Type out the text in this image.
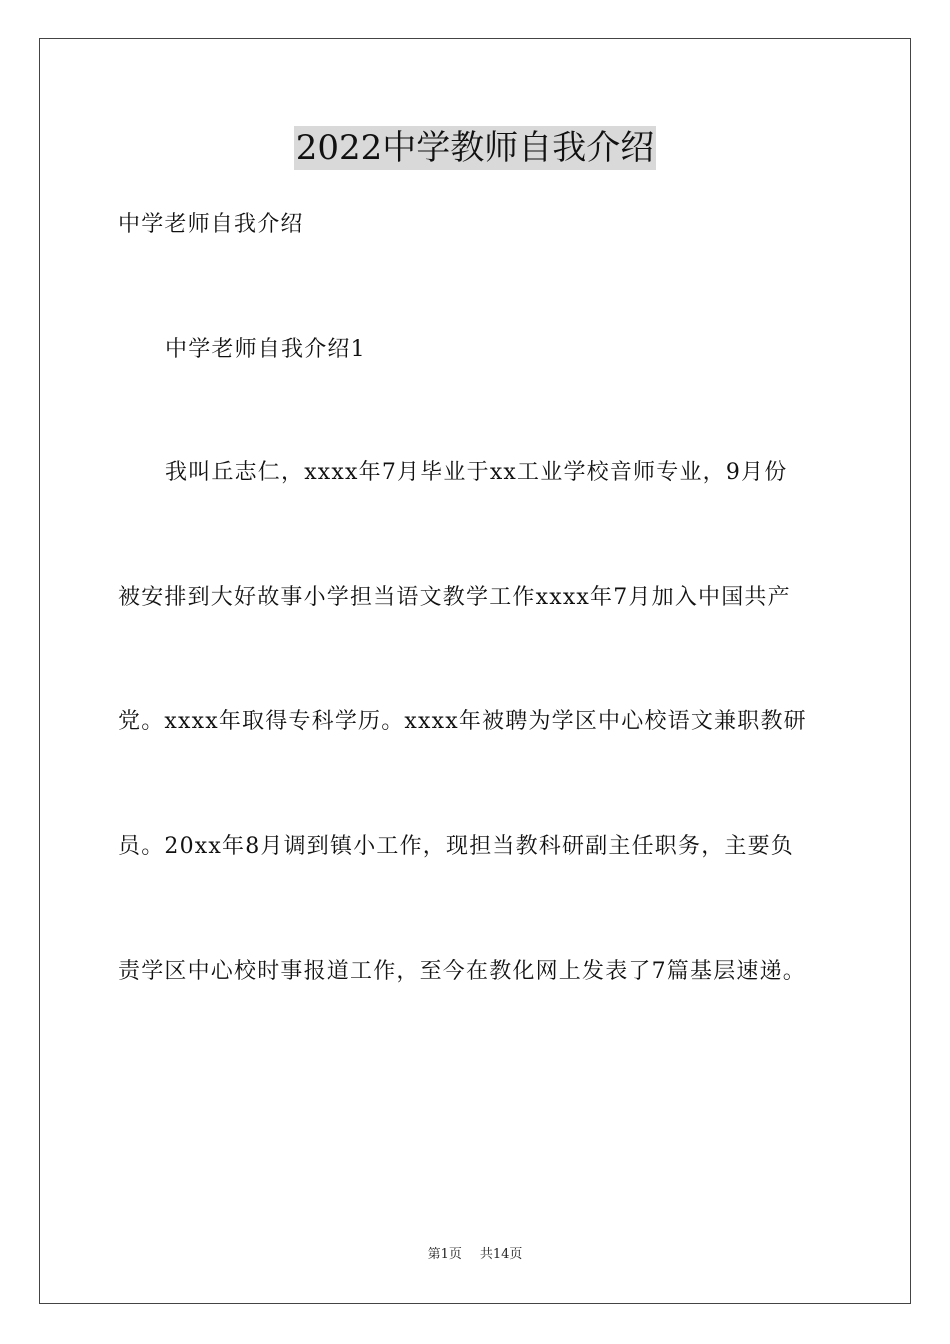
2022中学教师自我介绍
中学老师自我介绍
中学老师自我介绍1
我叫丘志仁，xxxx年7月毕业于xx工业学校音师专业，9月份
被安排到大好故事小学担当语文教学工作xxxx年7月加入中国共产
党。xxxx年取得专科学历。xxxx年被聘为学区中心校语文兼职教研
员。20xx年8月调到镇小工作，现担当教科研副主任职务，主要负
责学区中心校时事报道工作，至今在教化网上发表了7篇基层速递。
第1页 共14页
